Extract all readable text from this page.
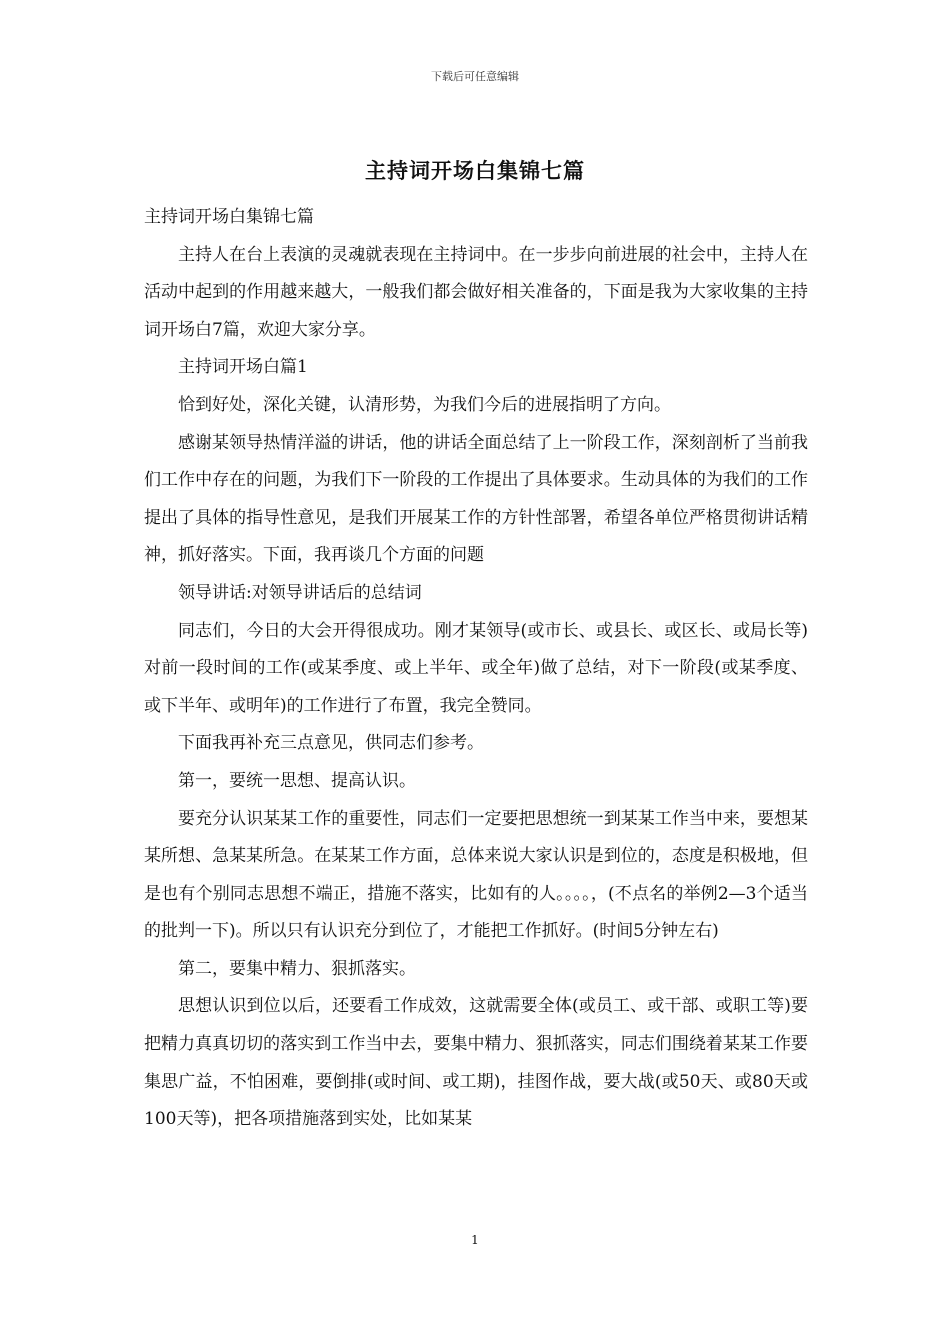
下载后可任意编辑
主持词开场白集锦七篇

主持词开场白集锦七篇

主持人在台上表演的灵魂就表现在主持词中。在一步步向前进展的社会中，主持人在活动中起到的作用越来越大，一般我们都会做好相关准备的，下面是我为大家收集的主持词开场白7篇，欢迎大家分享。

主持词开场白篇1

恰到好处，深化关键，认清形势，为我们今后的进展指明了方向。

感谢某领导热情洋溢的讲话，他的讲话全面总结了上一阶段工作，深刻剖析了当前我们工作中存在的问题，为我们下一阶段的工作提出了具体要求。生动具体的为我们的工作提出了具体的指导性意见，是我们开展某工作的方针性部署，希望各单位严格贯彻讲话精神，抓好落实。下面，我再谈几个方面的问题

领导讲话:对领导讲话后的总结词

同志们，今日的大会开得很成功。刚才某领导(或市长、或县长、或区长、或局长等)对前一段时间的工作(或某季度、或上半年、或全年)做了总结，对下一阶段(或某季度、或下半年、或明年)的工作进行了布置，我完全赞同。

下面我再补充三点意见，供同志们参考。

第一，要统一思想、提高认识。

要充分认识某某工作的重要性，同志们一定要把思想统一到某某工作当中来，要想某某所想、急某某所急。在某某工作方面，总体来说大家认识是到位的，态度是积极地，但是也有个别同志思想不端正，措施不落实，比如有的人。。。。，(不点名的举例2—3个适当的批判一下)。所以只有认识充分到位了，才能把工作抓好。(时间5分钟左右)

第二，要集中精力、狠抓落实。

思想认识到位以后，还要看工作成效，这就需要全体(或员工、或干部、或职工等)要把精力真真切切的落实到工作当中去，要集中精力、狠抓落实，同志们围绕着某某工作要集思广益，不怕困难，要倒排(或时间、或工期)，挂图作战，要大战(或50天、或80天或100天等)，把各项措施落到实处，比如某某

1
